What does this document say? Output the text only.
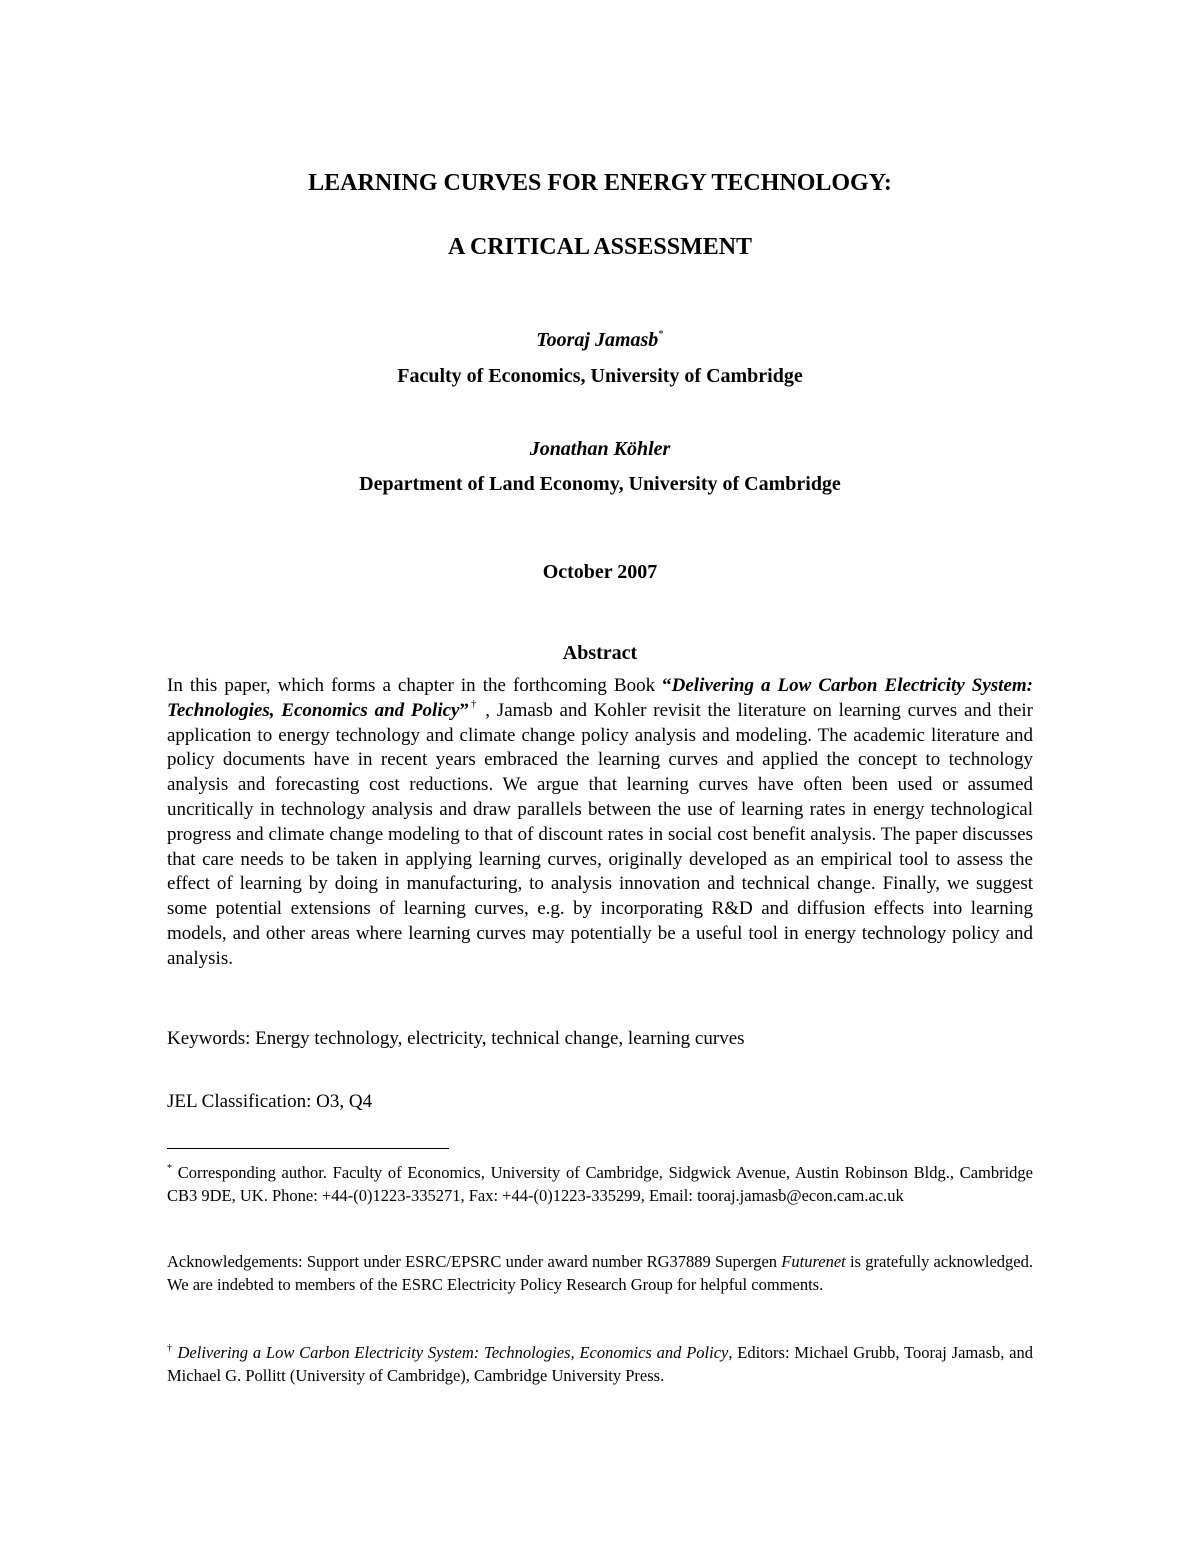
LEARNING CURVES FOR ENERGY TECHNOLOGY:
A CRITICAL ASSESSMENT
Tooraj Jamasb*
Faculty of Economics, University of Cambridge
Jonathan Köhler
Department of Land Economy, University of Cambridge
October 2007
Abstract
In this paper, which forms a chapter in the forthcoming Book “Delivering a Low Carbon Electricity System: Technologies, Economics and Policy”† , Jamasb and Kohler revisit the literature on learning curves and their application to energy technology and climate change policy analysis and modeling. The academic literature and policy documents have in recent years embraced the learning curves and applied the concept to technology analysis and forecasting cost reductions. We argue that learning curves have often been used or assumed uncritically in technology analysis and draw parallels between the use of learning rates in energy technological progress and climate change modeling to that of discount rates in social cost benefit analysis. The paper discusses that care needs to be taken in applying learning curves, originally developed as an empirical tool to assess the effect of learning by doing in manufacturing, to analysis innovation and technical change. Finally, we suggest some potential extensions of learning curves, e.g. by incorporating R&D and diffusion effects into learning models, and other areas where learning curves may potentially be a useful tool in energy technology policy and analysis.
Keywords: Energy technology, electricity, technical change, learning curves
JEL Classification: O3, Q4
* Corresponding author. Faculty of Economics, University of Cambridge, Sidgwick Avenue, Austin Robinson Bldg., Cambridge CB3 9DE, UK. Phone: +44-(0)1223-335271, Fax: +44-(0)1223-335299, Email: tooraj.jamasb@econ.cam.ac.uk
Acknowledgements: Support under ESRC/EPSRC under award number RG37889 Supergen Futurenet is gratefully acknowledged. We are indebted to members of the ESRC Electricity Policy Research Group for helpful comments.
† Delivering a Low Carbon Electricity System: Technologies, Economics and Policy, Editors: Michael Grubb, Tooraj Jamasb, and Michael G. Pollitt (University of Cambridge), Cambridge University Press.
